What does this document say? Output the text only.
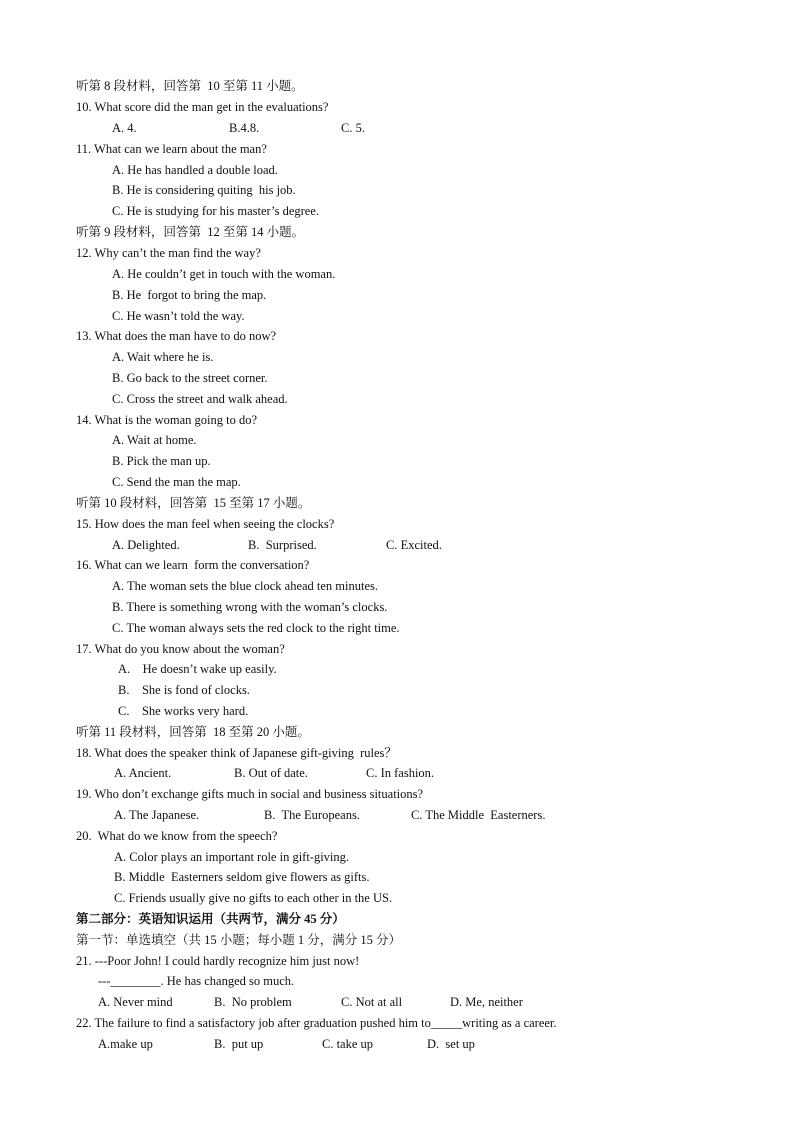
听第 8 段材料，回答第  10 至第 11 小题。
10. What score did the man get in the evaluations?
A. 4.	B.4.8.	C. 5.
11. What can we learn about the man?
A. He has handled a double load.
B. He is considering quiting  his job.
C. He is studying for his master’s degree.
听第 9 段材料，回答第  12 至第 14 小题。
12. Why can’t the man find the way?
A. He couldn’t get in touch with the woman.
B. He  forgot to bring the map.
C. He wasn’t told the way.
13. What does the man have to do now?
A. Wait where he is.
B. Go back to the street corner.
C. Cross the street and walk ahead.
14. What is the woman going to do?
A. Wait at home.
B. Pick the man up.
C. Send the man the map.
听第 10 段材料，回答第  15 至第 17 小题。
15. How does the man feel when seeing the clocks?
A. Delighted.	B.  Surprised.	C. Excited.
16. What can we learn  form the conversation?
A. The woman sets the blue clock ahead ten minutes.
B. There is something wrong with the woman’s clocks.
C. The woman always sets the red clock to the right time.
17. What do you know about the woman?
A.    He doesn’t wake up easily.
B.    She is fond of clocks.
C.    She works very hard.
听第 11 段材料，回答第  18 至第 20 小题。
18. What does the speaker think of Japanese gift-giving  rules？
A. Ancient.	B. Out of date.	C. In fashion.
19. Who don’t exchange gifts much in social and business situations?
A. The Japanese.	B.  The Europeans.	C. The Middle  Easterners.
20.  What do we know from the speech?
A. Color plays an important role in gift-giving.
B. Middle  Easterners seldom give flowers as gifts.
C. Friends usually give no gifts to each other in the US.
第二部分：英语知识运用（共两节，满分 45 分）
第一节：单选填空（共 15 小题；每小题 1 分，满分 15 分）
21. ---Poor John! I could hardly recognize him just now!
---________. He has changed so much.
A. Never mind	B.  No problem	C. Not at all	D. Me, neither
22. The failure to find a satisfactory job after graduation pushed him to_____writing as a career.
A.make up	B.  put up	C. take up	D.  set up
